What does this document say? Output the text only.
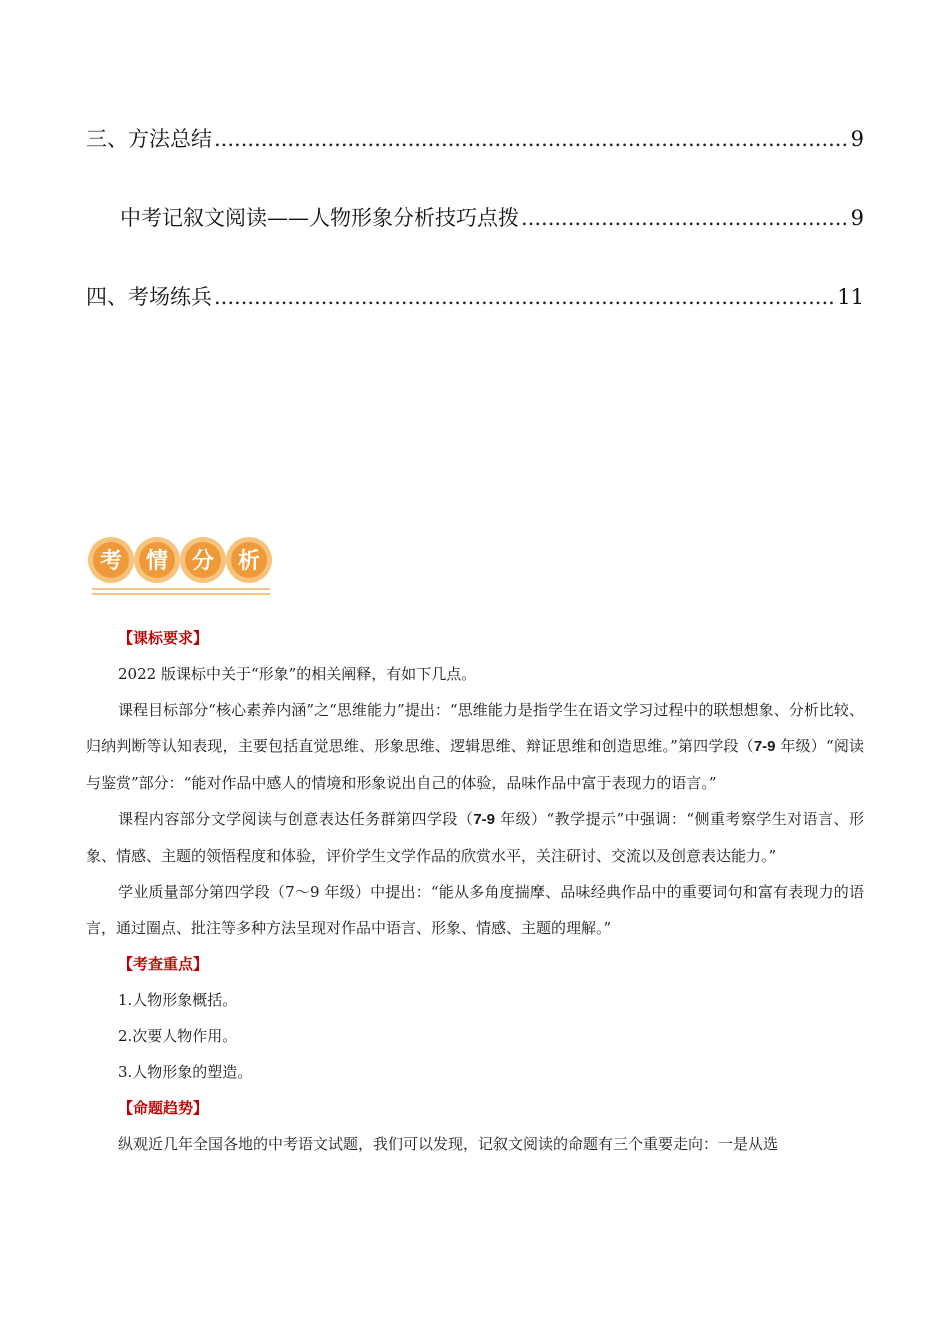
三、方法总结 .....	9
中考记叙文阅读——人物形象分析技巧点拨 .....	9
四、考场练兵 .....	11
考 情 分 析
【课标要求】

2022 版课标中关于“形象”的相关阐释，有如下几点。

课程目标部分“核心素养内涵”之“思维能力”提出：“思维能力是指学生在语文学习过程中的联想想象、分析比较、归纳判断等认知表现，主要包括直觉思维、形象思维、逻辑思维、辩证思维和创造思维。”第四学段（7-9 年级）“阅读与鉴赏”部分：“能对作品中感人的情境和形象说出自己的体验，品味作品中富于表现力的语言。”

课程内容部分文学阅读与创意表达任务群第四学段（7-9 年级）“教学提示”中强调：“侧重考察学生对语言、形象、情感、主题的领悟程度和体验，评价学生文学作品的欣赏水平，关注研讨、交流以及创意表达能力。”

学业质量部分第四学段（7～9 年级）中提出：“能从多角度揣摩、品味经典作品中的重要词句和富有表现力的语言，通过圈点、批注等多种方法呈现对作品中语言、形象、情感、主题的理解。”

【考查重点】

1.人物形象概括。

2.次要人物作用。

3.人物形象的塑造。

【命题趋势】

纵观近几年全国各地的中考语文试题，我们可以发现，记叙文阅读的命题有三个重要走向：一是从选
